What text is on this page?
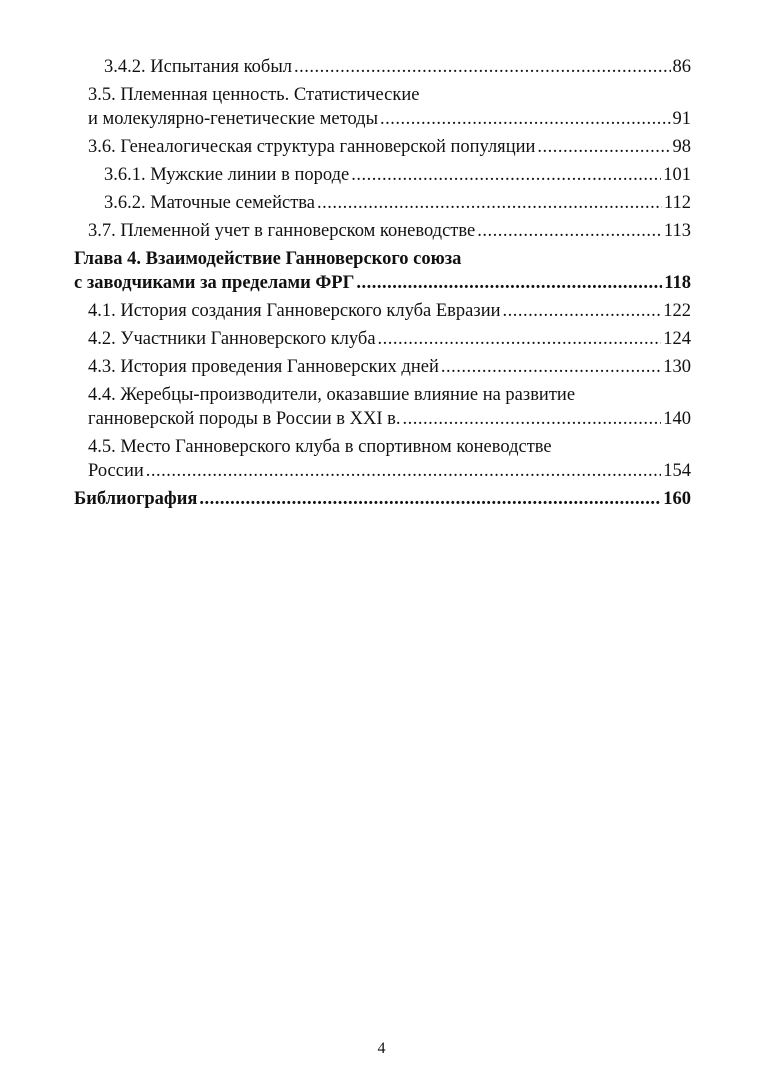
3.4.2. Испытания кобыл .....	86
3.5. Племенная ценность. Статистические
и молекулярно-генетические методы .....	91
3.6. Генеалогическая структура ганноверской популяции .....	98
3.6.1. Мужские линии в породе .....	101
3.6.2. Маточные семейства .....	112
3.7. Племенной учет в ганноверском коневодстве .....	113
Глава 4. Взаимодействие Ганноверского союза
с заводчиками за пределами ФРГ .....	118
4.1. История создания Ганноверского клуба Евразии .....	122
4.2. Участники Ганноверского клуба .....	124
4.3. История проведения Ганноверских дней .....	130
4.4. Жеребцы-производители, оказавшие влияние на развитие
ганноверской породы в России в XXI в. .....	140
4.5. Место Ганноверского клуба в спортивном коневодстве
России .....	154
Библиография .....	160
4
